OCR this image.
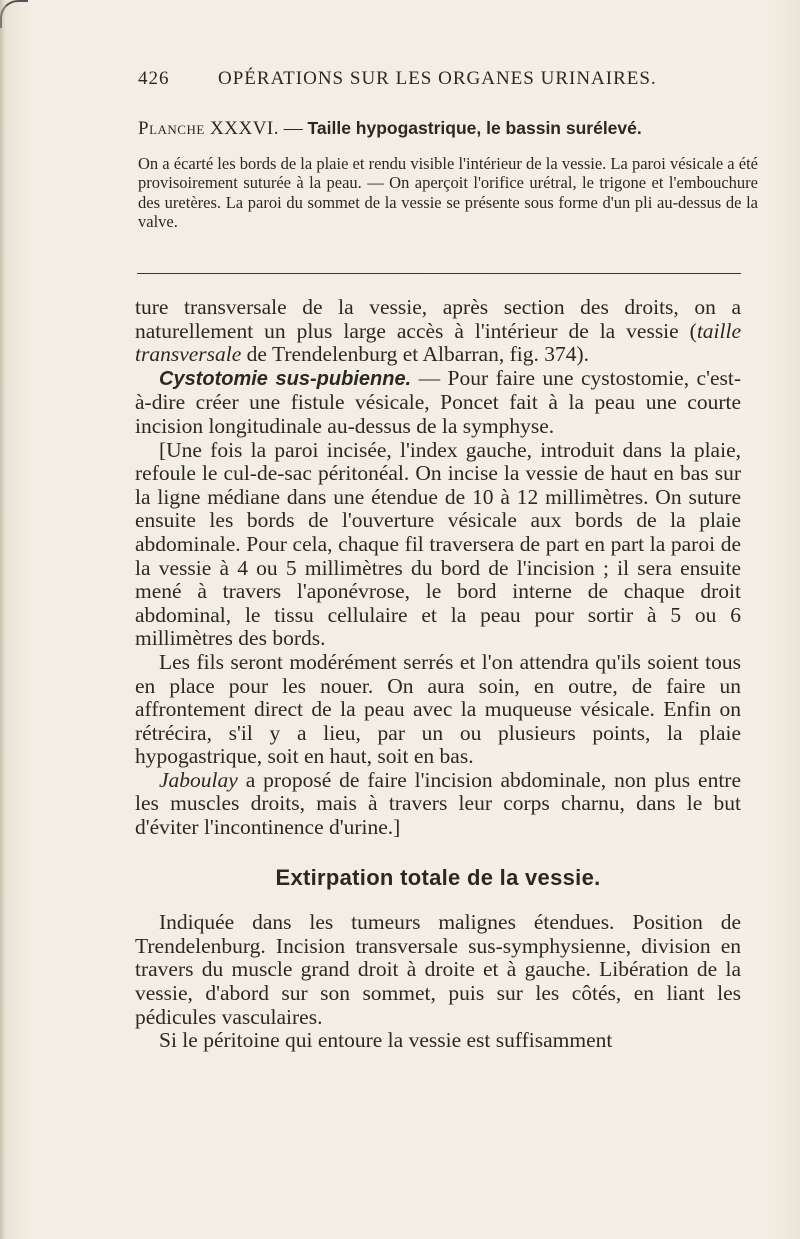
426	OPÉRATIONS SUR LES ORGANES URINAIRES.
Planche XXXVI. — Taille hypogastrique, le bassin surélevé.

On a écarté les bords de la plaie et rendu visible l'intérieur de la vessie. La paroi vésicale a été provisoirement suturée à la peau. — On aperçoit l'orifice urétral, le trigone et l'embouchure des uretères. La paroi du sommet de la vessie se présente sous forme d'un pli au-dessus de la valve.

ture transversale de la vessie, après section des droits, on a naturellement un plus large accès à l'intérieur de la vessie (taille transversale de Trendelenburg et Albarran, fig. 374).

Cystotomie sus-pubienne. — Pour faire une cystostomie, c'est-à-dire créer une fistule vésicale, Poncet fait à la peau une courte incision longitudinale au-dessus de la symphyse.

[Une fois la paroi incisée, l'index gauche, introduit dans la plaie, refoule le cul-de-sac péritonéal. On incise la vessie de haut en bas sur la ligne médiane dans une étendue de 10 à 12 millimètres. On suture ensuite les bords de l'ouverture vésicale aux bords de la plaie abdominale. Pour cela, chaque fil traversera de part en part la paroi de la vessie à 4 ou 5 millimètres du bord de l'incision ; il sera ensuite mené à travers l'aponévrose, le bord interne de chaque droit abdominal, le tissu cellulaire et la peau pour sortir à 5 ou 6 millimètres des bords.

Les fils seront modérément serrés et l'on attendra qu'ils soient tous en place pour les nouer. On aura soin, en outre, de faire un affrontement direct de la peau avec la muqueuse vésicale. Enfin on rétrécira, s'il y a lieu, par un ou plusieurs points, la plaie hypogastrique, soit en haut, soit en bas.

Jaboulay a proposé de faire l'incision abdominale, non plus entre les muscles droits, mais à travers leur corps charnu, dans le but d'éviter l'incontinence d'urine.]

Extirpation totale de la vessie.

Indiquée dans les tumeurs malignes étendues. Position de Trendelenburg. Incision transversale sus-symphysienne, division en travers du muscle grand droit à droite et à gauche. Libération de la vessie, d'abord sur son sommet, puis sur les côtés, en liant les pédicules vasculaires.

Si le péritoine qui entoure la vessie est suffisamment
